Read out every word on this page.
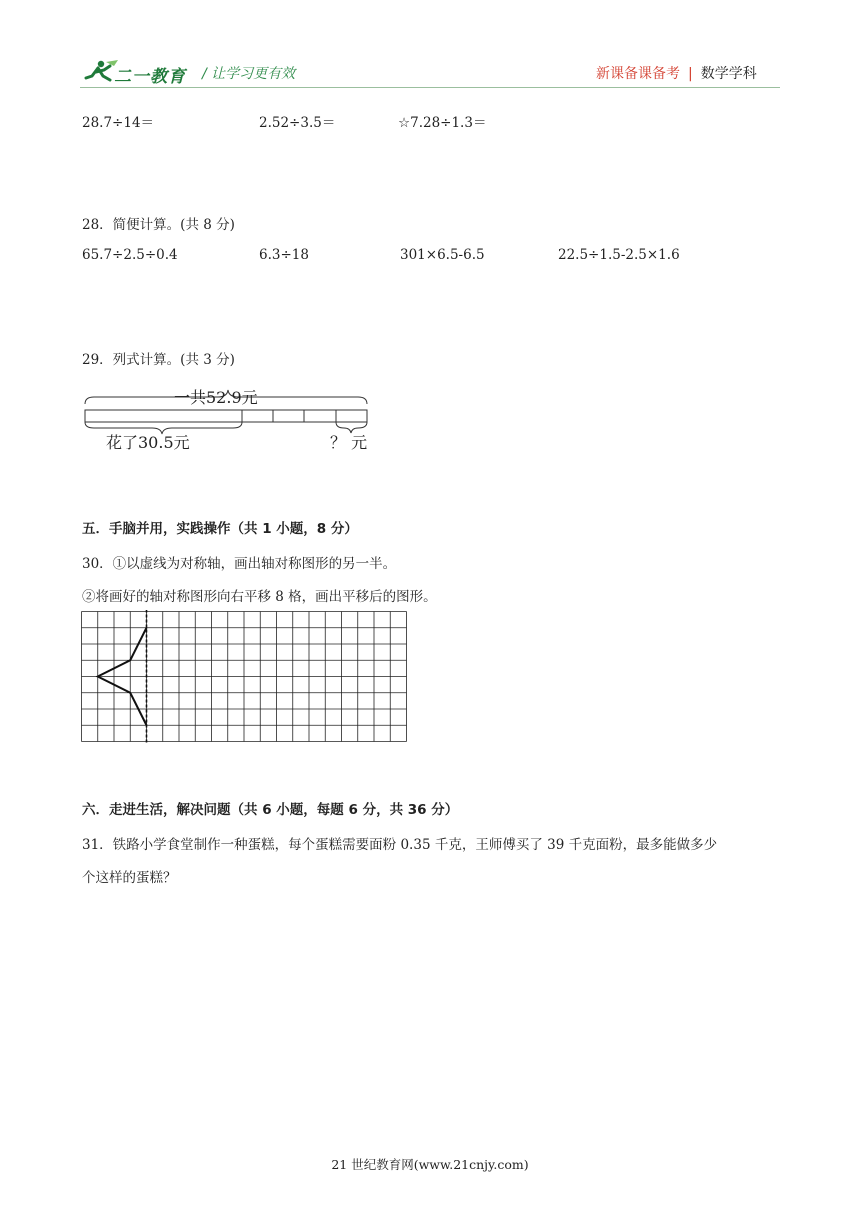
二一教育 / 让学习更有效	新课备课备考 | 数学学科
28.7÷14＝	2.52÷3.5＝	☆7.28÷1.3＝
28．简便计算。(共 8 分)
65.7÷2.5÷0.4	6.3÷18	301×6.5-6.5	22.5÷1.5-2.5×1.6
29．列式计算。(共 3 分)
一共52.9元
花了30.5元	？ 元
五．手脑并用，实践操作（共 1 小题，8 分）
30．①以虚线为对称轴，画出轴对称图形的另一半。
②将画好的轴对称图形向右平移 8 格，画出平移后的图形。
六．走进生活，解决问题（共 6 小题，每题 6 分，共 36 分）
31．铁路小学食堂制作一种蛋糕，每个蛋糕需要面粉 0.35 千克，王师傅买了 39 千克面粉，最多能做多少
个这样的蛋糕？
21 世纪教育网(www.21cnjy.com)
